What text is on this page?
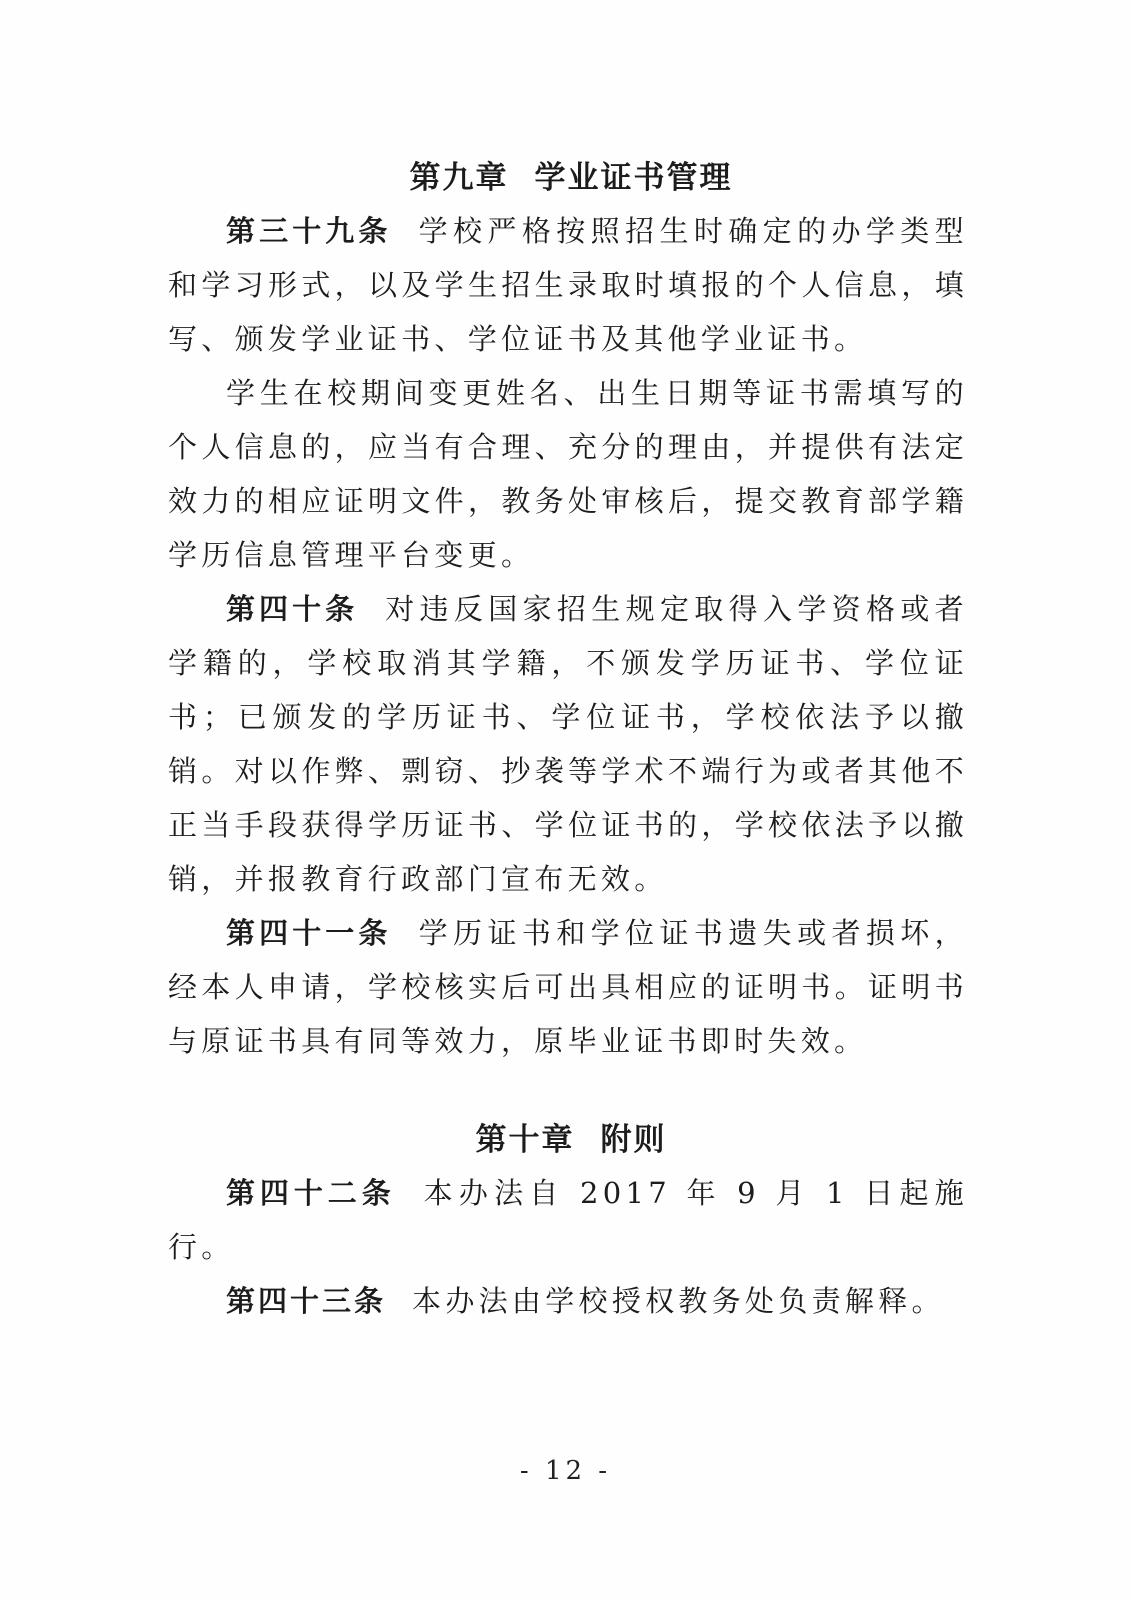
第九章 学业证书管理

第三十九条 学校严格按照招生时确定的办学类型和学习形式，以及学生招生录取时填报的个人信息，填写、颁发学业证书、学位证书及其他学业证书。

学生在校期间变更姓名、出生日期等证书需填写的个人信息的，应当有合理、充分的理由，并提供有法定效力的相应证明文件，教务处审核后，提交教育部学籍学历信息管理平台变更。

第四十条 对违反国家招生规定取得入学资格或者学籍的，学校取消其学籍，不颁发学历证书、学位证书；已颁发的学历证书、学位证书，学校依法予以撤销。对以作弊、剽窃、抄袭等学术不端行为或者其他不正当手段获得学历证书、学位证书的，学校依法予以撤销，并报教育行政部门宣布无效。

第四十一条 学历证书和学位证书遗失或者损坏，经本人申请，学校核实后可出具相应的证明书。证明书与原证书具有同等效力，原毕业证书即时失效。

第十章 附则

第四十二条 本办法自 2017 年 9 月 1 日起施行。

第四十三条 本办法由学校授权教务处负责解释。

- 12 -
